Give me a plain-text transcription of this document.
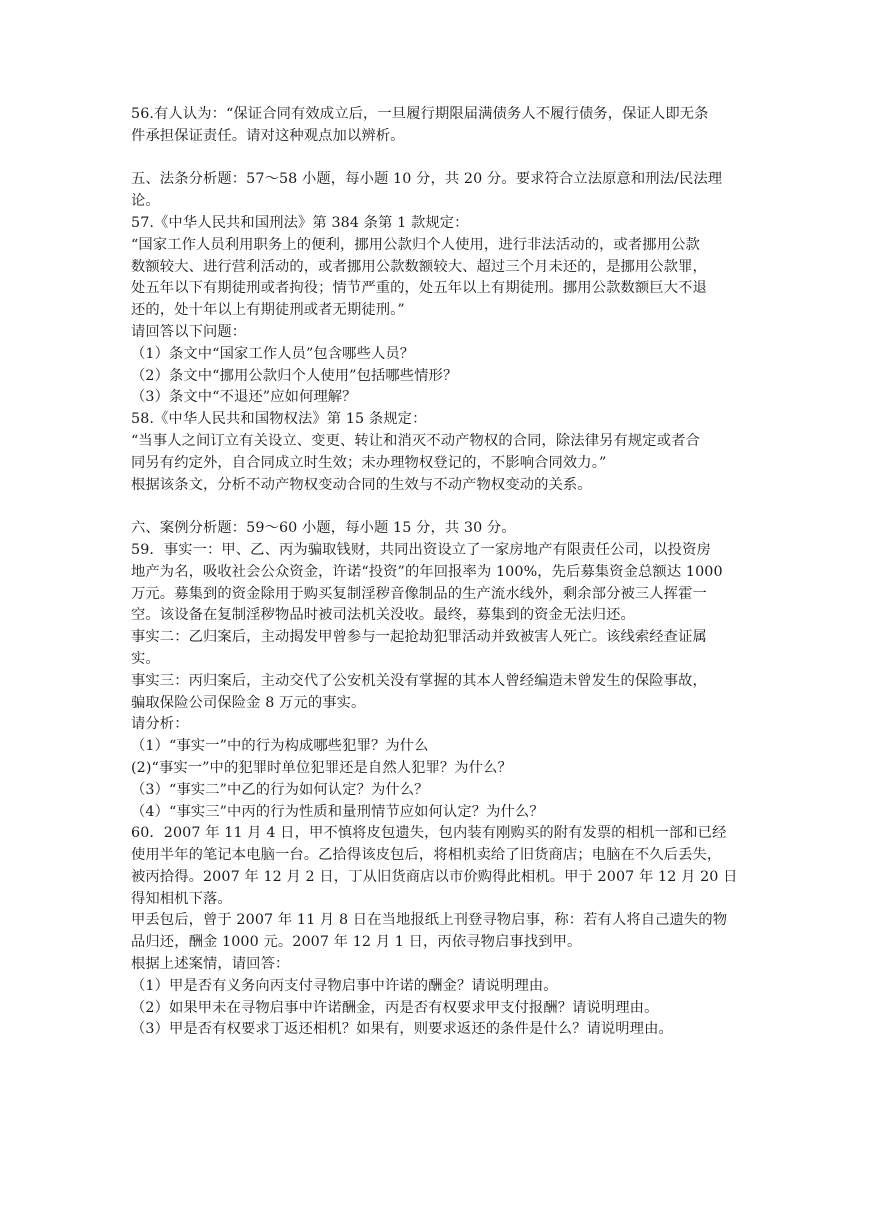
56.有人认为：“保证合同有效成立后，一旦履行期限届满债务人不履行债务，保证人即无条
件承担保证责任。请对这种观点加以辨析。
五、法条分析题：57～58 小题，每小题 10 分，共 20 分。要求符合立法原意和刑法/民法理
论。
57.《中华人民共和国刑法》第 384 条第 1 款规定：
“国家工作人员利用职务上的便利，挪用公款归个人使用，进行非法活动的，或者挪用公款
数额较大、进行营利活动的，或者挪用公款数额较大、超过三个月未还的，是挪用公款罪，
处五年以下有期徒刑或者拘役；情节严重的，处五年以上有期徒刑。挪用公款数额巨大不退
还的，处十年以上有期徒刑或者无期徒刑。”
请回答以下问题：
（1）条文中“国家工作人员”包含哪些人员？
（2）条文中“挪用公款归个人使用”包括哪些情形？
（3）条文中“不退还”应如何理解？
58.《中华人民共和国物权法》第 15 条规定：
“当事人之间订立有关设立、变更、转让和消灭不动产物权的合同，除法律另有规定或者合
同另有约定外，自合同成立时生效；未办理物权登记的，不影响合同效力。”
根据该条文，分析不动产物权变动合同的生效与不动产物权变动的关系。
六、案例分析题：59～60 小题，每小题 15 分，共 30 分。
59．事实一：甲、乙、丙为骗取钱财，共同出资设立了一家房地产有限责任公司，以投资房
地产为名，吸收社会公众资金，许诺“投资”的年回报率为 100%，先后募集资金总额达 1000
万元。募集到的资金除用于购买复制淫秽音像制品的生产流水线外，剩余部分被三人挥霍一
空。该设备在复制淫秽物品时被司法机关没收。最终，募集到的资金无法归还。
事实二：乙归案后，主动揭发甲曾参与一起抢劫犯罪活动并致被害人死亡。该线索经查证属
实。
事实三：丙归案后，主动交代了公安机关没有掌握的其本人曾经编造未曾发生的保险事故，
骗取保险公司保险金 8 万元的事实。
请分析：
（1）“事实一”中的行为构成哪些犯罪？为什么
(2)“事实一”中的犯罪时单位犯罪还是自然人犯罪？为什么？
（3）“事实二”中乙的行为如何认定？为什么？
（4）“事实三”中丙的行为性质和量刑情节应如何认定？为什么？
60．2007 年 11 月 4 日，甲不慎将皮包遗失，包内装有刚购买的附有发票的相机一部和已经
使用半年的笔记本电脑一台。乙拾得该皮包后，将相机卖给了旧货商店；电脑在不久后丢失，
被丙拾得。2007 年 12 月 2 日，丁从旧货商店以市价购得此相机。甲于 2007 年 12 月 20 日
得知相机下落。
甲丢包后，曾于 2007 年 11 月 8 日在当地报纸上刊登寻物启事，称：若有人将自己遗失的物
品归还，酬金 1000 元。2007 年 12 月 1 日，丙依寻物启事找到甲。
根据上述案情，请回答：
（1）甲是否有义务向丙支付寻物启事中许诺的酬金？请说明理由。
（2）如果甲未在寻物启事中许诺酬金，丙是否有权要求甲支付报酬？请说明理由。
（3）甲是否有权要求丁返还相机？如果有，则要求返还的条件是什么？请说明理由。
